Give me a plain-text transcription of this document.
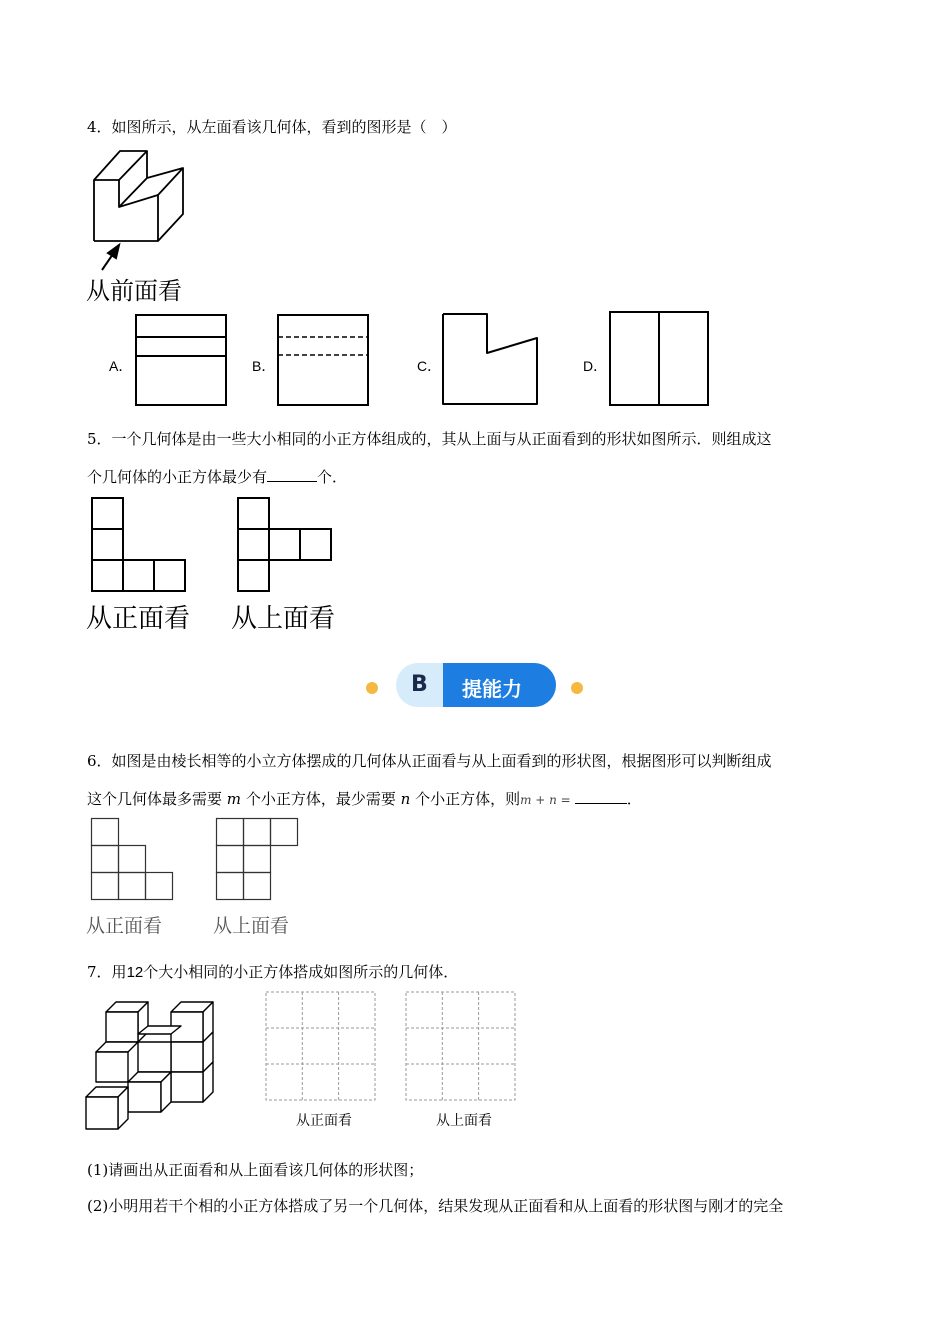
4．如图所示，从左面看该几何体，看到的图形是（　）
从前面看
A．	B．	C．	D．
5．一个几何体是由一些大小相同的小正方体组成的，其从上面与从正面看到的形状如图所示．则组成这
个几何体的小正方体最少有	个．
从正面看 从上面看
B 提能力
6．如图是由棱长相等的小立方体摆成的几何体从正面看与从上面看到的形状图，根据图形可以判断组成
这个几何体最多需要 m 个小正方体，最少需要 n 个小正方体，则m + n =	．
从正面看	从上面看
7．用12个大小相同的小正方体搭成如图所示的几何体．
从正面看	从上面看
(1)请画出从正面看和从上面看该几何体的形状图；
(2)小明用若干个相的小正方体搭成了另一个几何体，结果发现从正面看和从上面看的形状图与刚才的完全
